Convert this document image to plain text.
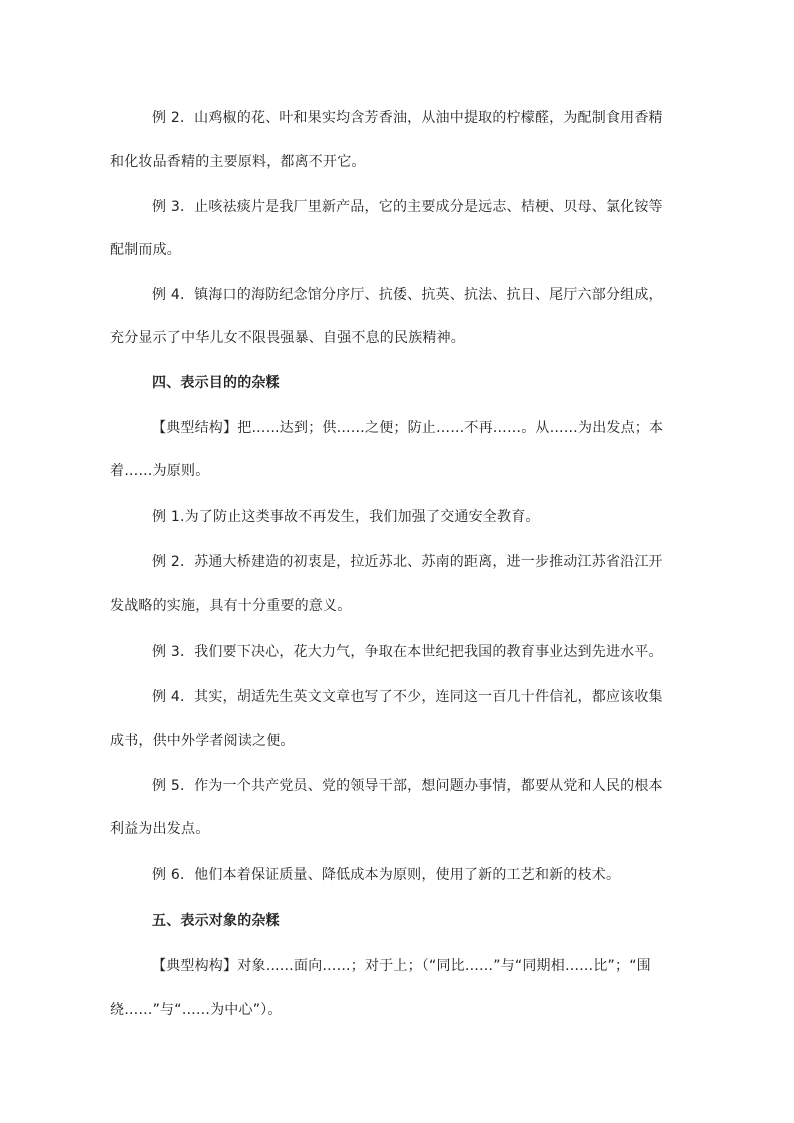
例 2．山鸡椒的花、叶和果实均含芳香油，从油中提取的柠檬醛，为配制食用香精
和化妆品香精的主要原料，都离不开它。
例 3．止咳祛痰片是我厂里新产品，它的主要成分是远志、桔梗、贝母、氯化铵等
配制而成。
例 4．镇海口的海防纪念馆分序厅、抗倭、抗英、抗法、抗日、尾厅六部分组成，
充分显示了中华儿女不限畏强暴、自强不息的民族精神。
四、表示目的的杂糅
【典型结构】把……达到；供……之便；防止……不再……。从……为出发点；本
着……为原则。
例 1.为了防止这类事故不再发生，我们加强了交通安全教育。
例 2．苏通大桥建造的初衷是，拉近苏北、苏南的距离，进一步推动江苏省沿江开
发战略的实施，具有十分重要的意义。
例 3．我们要下决心，花大力气，争取在本世纪把我国的教育事业达到先进水平。
例 4．其实，胡适先生英文文章也写了不少，连同这一百几十件信礼，都应该收集
成书，供中外学者阅读之便。
例 5．作为一个共产党员、党的领导干部，想问题办事情，都要从党和人民的根本
利益为出发点。
例 6．他们本着保证质量、降低成本为原则，使用了新的工艺和新的枝术。
五、表示对象的杂糅
【典型构构】对象……面向……；对于上；（“同比……”与“同期相……比”；“围
绕……”与“……为中心”）。
